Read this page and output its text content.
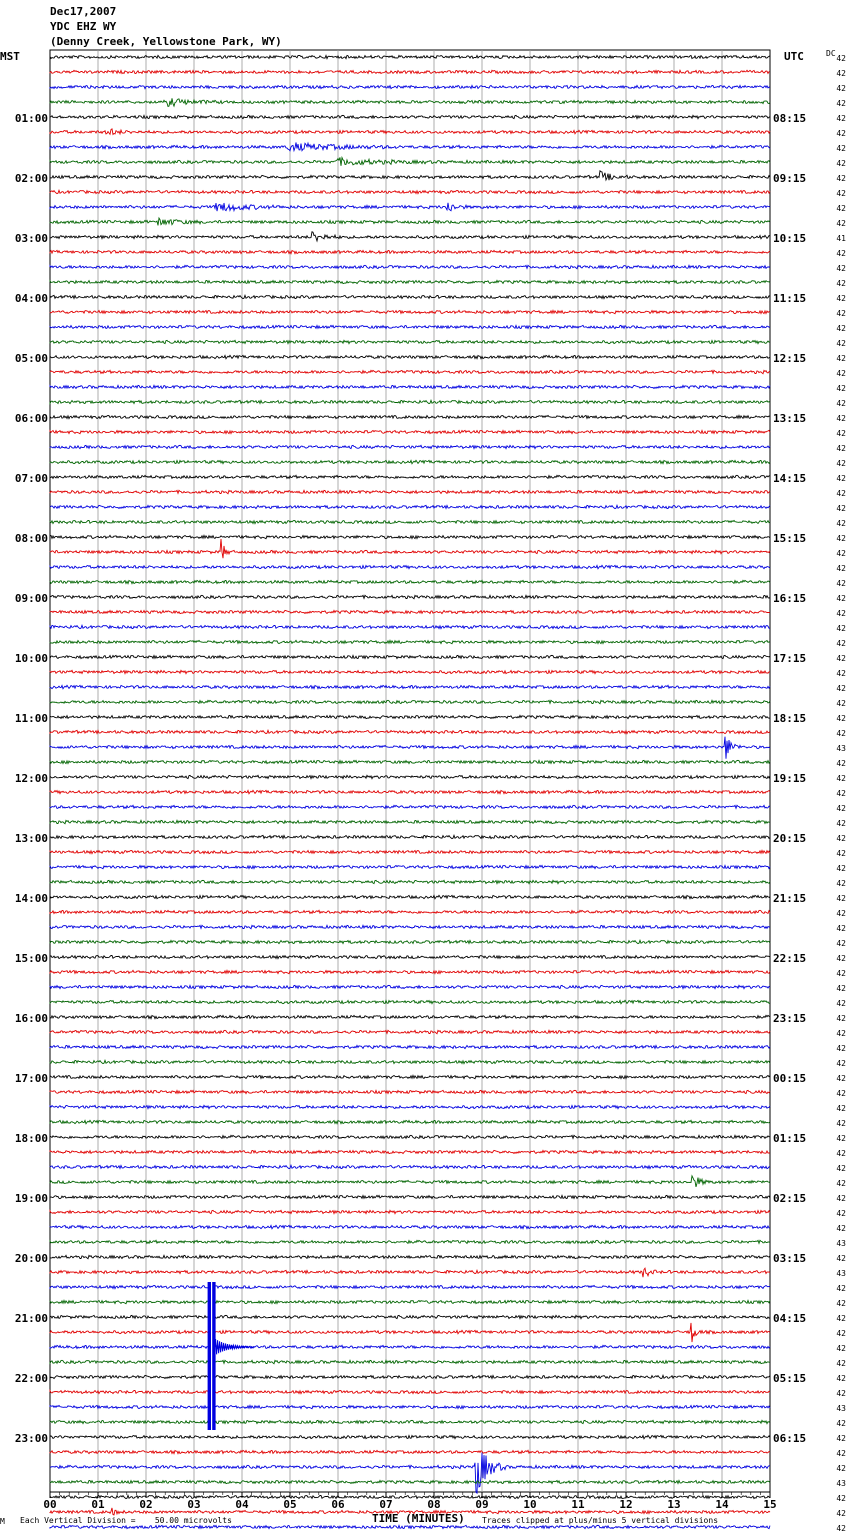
Dec17,2007
YDC EHZ WY
(Denny Creek, Yellowstone Park, WY)
MST	UTC	DC
00	01	02	03	04	05	06	07	08	09	10	11	12	13	14	15
42
42
42
42
42
42
42
42
42
42
42
42
41
42
42
42
42
42
42
42
42
42
42
42
42
42
42
42
42
42
42
42
42
42
42
42
42
42
42
42
42
42
42
42
42
42
43
42
42
42
42
42
42
42
42
42
42
42
42
42
42
42
42
42
42
42
42
42
42
42
42
42
42
42
42
42
42
42
42
43
42
43
42
42
42
42
42
42
42
42
43
42
42
42
42
43
42
42
42
01:00
02:00
03:00
04:00
05:00
06:00
07:00
08:00
09:00
10:00
11:00
12:00
13:00
14:00
15:00
16:00
17:00
18:00
19:00
20:00
21:00
22:00
23:00
08:15
09:15
10:15
11:15
12:15
13:15
14:15
15:15
16:15
17:15
18:15
19:15
20:15
21:15
22:15
23:15
00:15
01:15
02:15
03:15
04:15
05:15
06:15
TIME (MINUTES)
M Each Vertical Division =    50.00 microvolts	Traces clipped at plus/minus 5 vertical divisions
